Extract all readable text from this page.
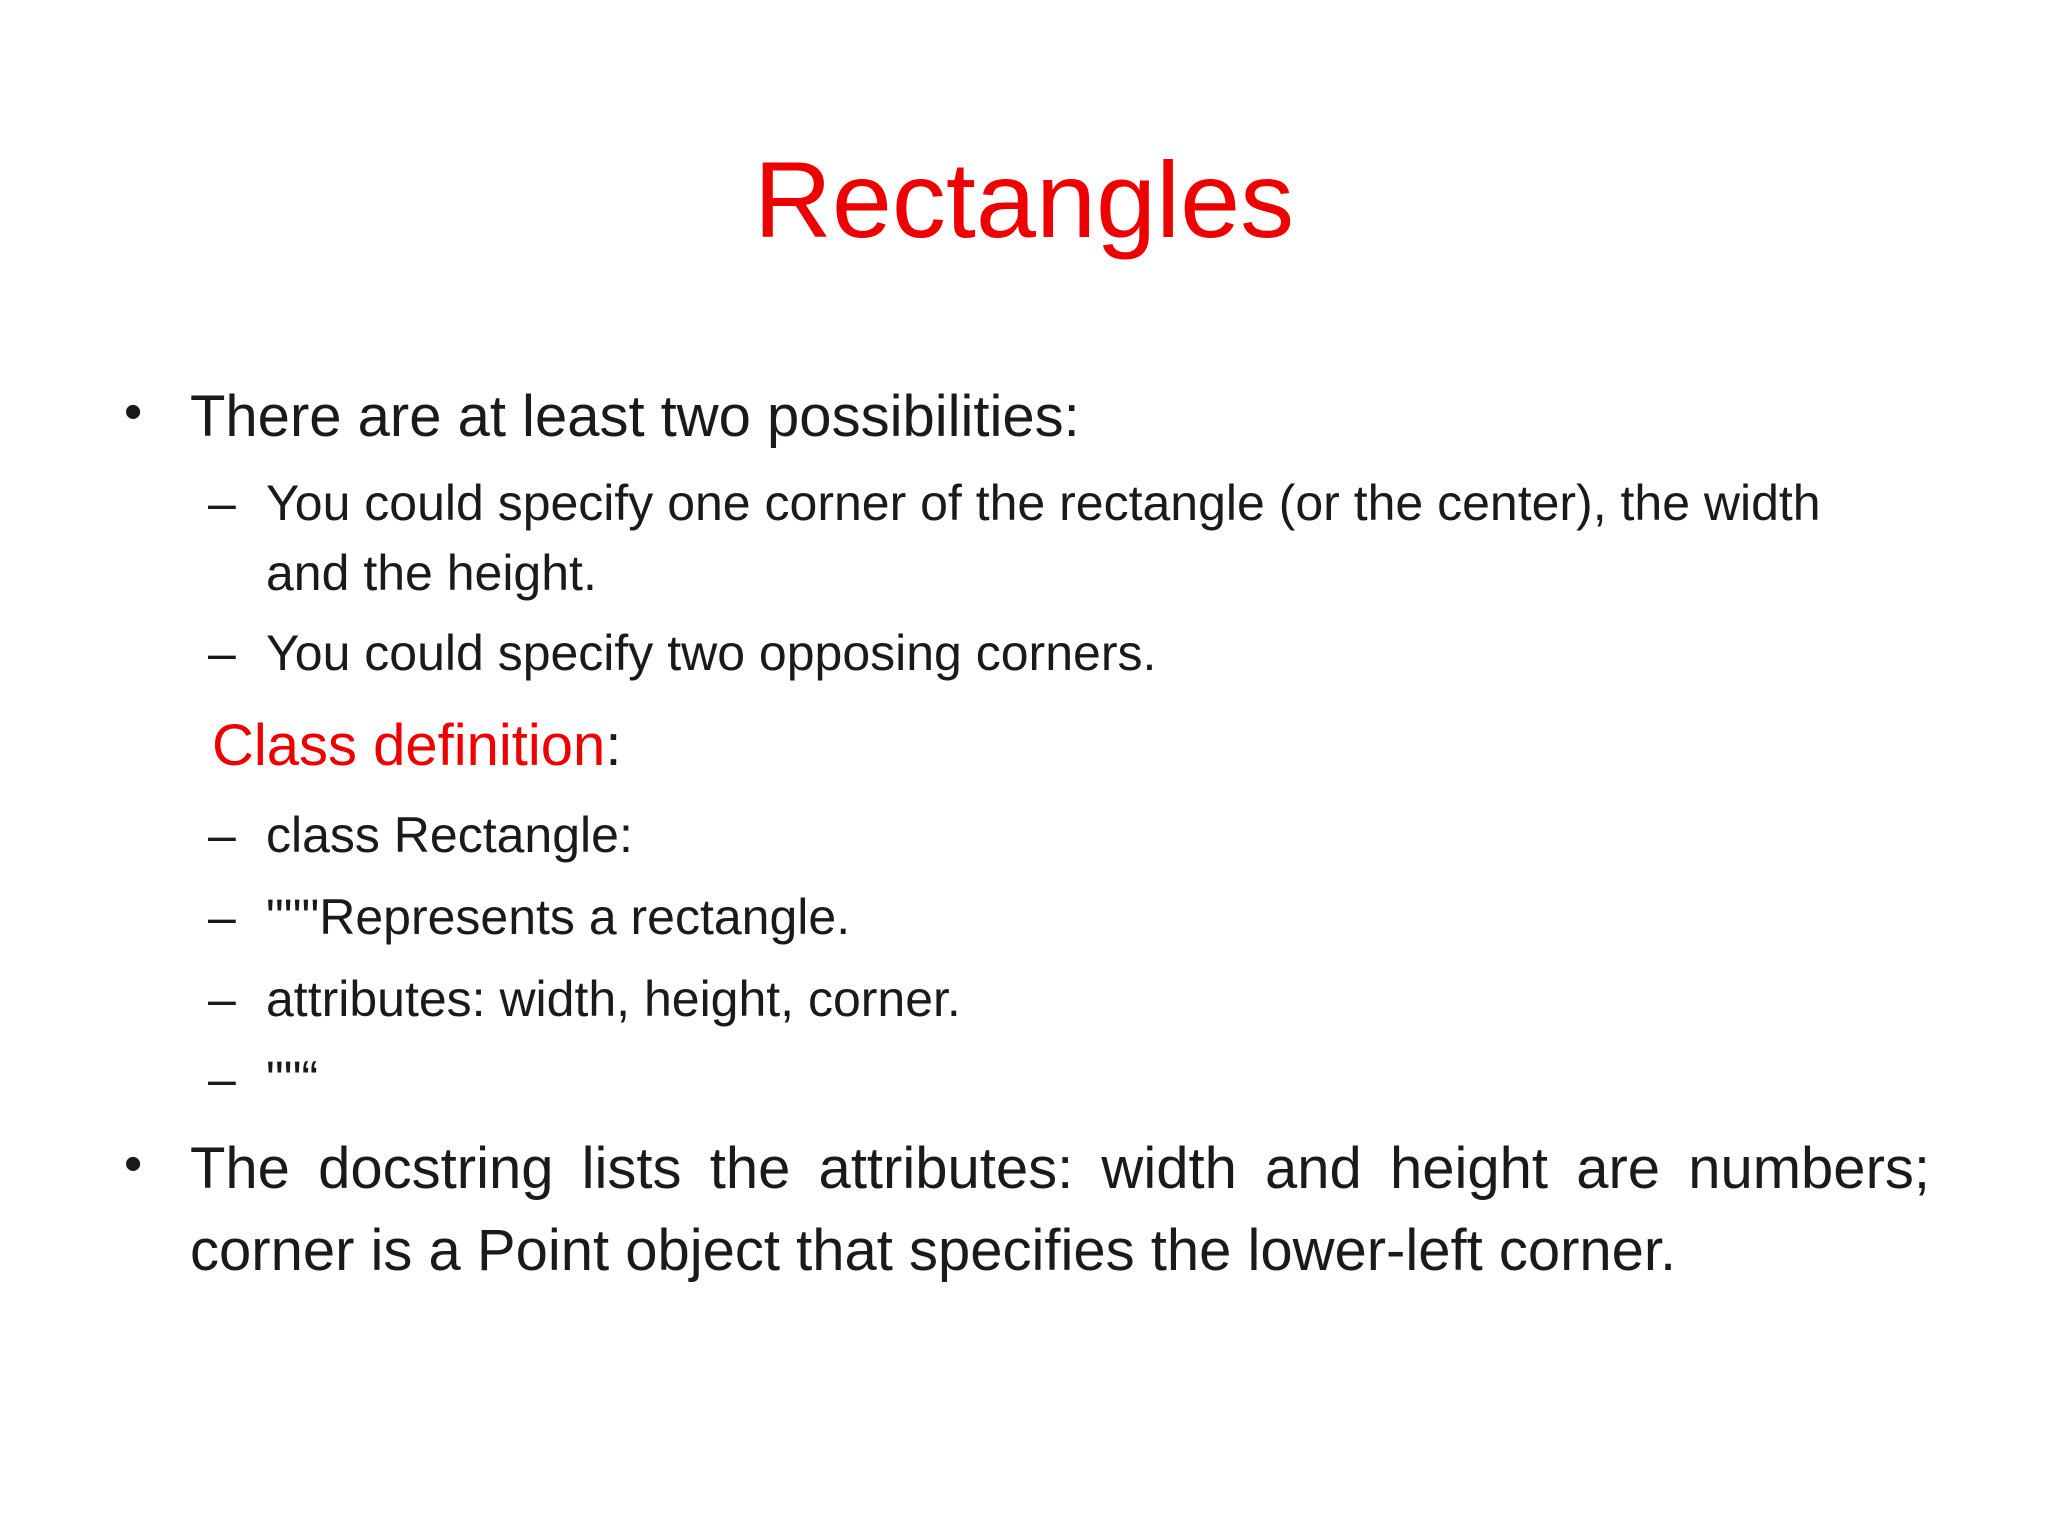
Rectangles
• There are at least two possibilities:
– You could specify one corner of the rectangle (or the center), the width and the height.
– You could specify two opposing corners.
Class definition:
– class Rectangle:
– """Represents a rectangle.
– attributes: width, height, corner.
– ""“
• The docstring lists the attributes: width and height are numbers; corner is a Point object that specifies the lower-left corner.
